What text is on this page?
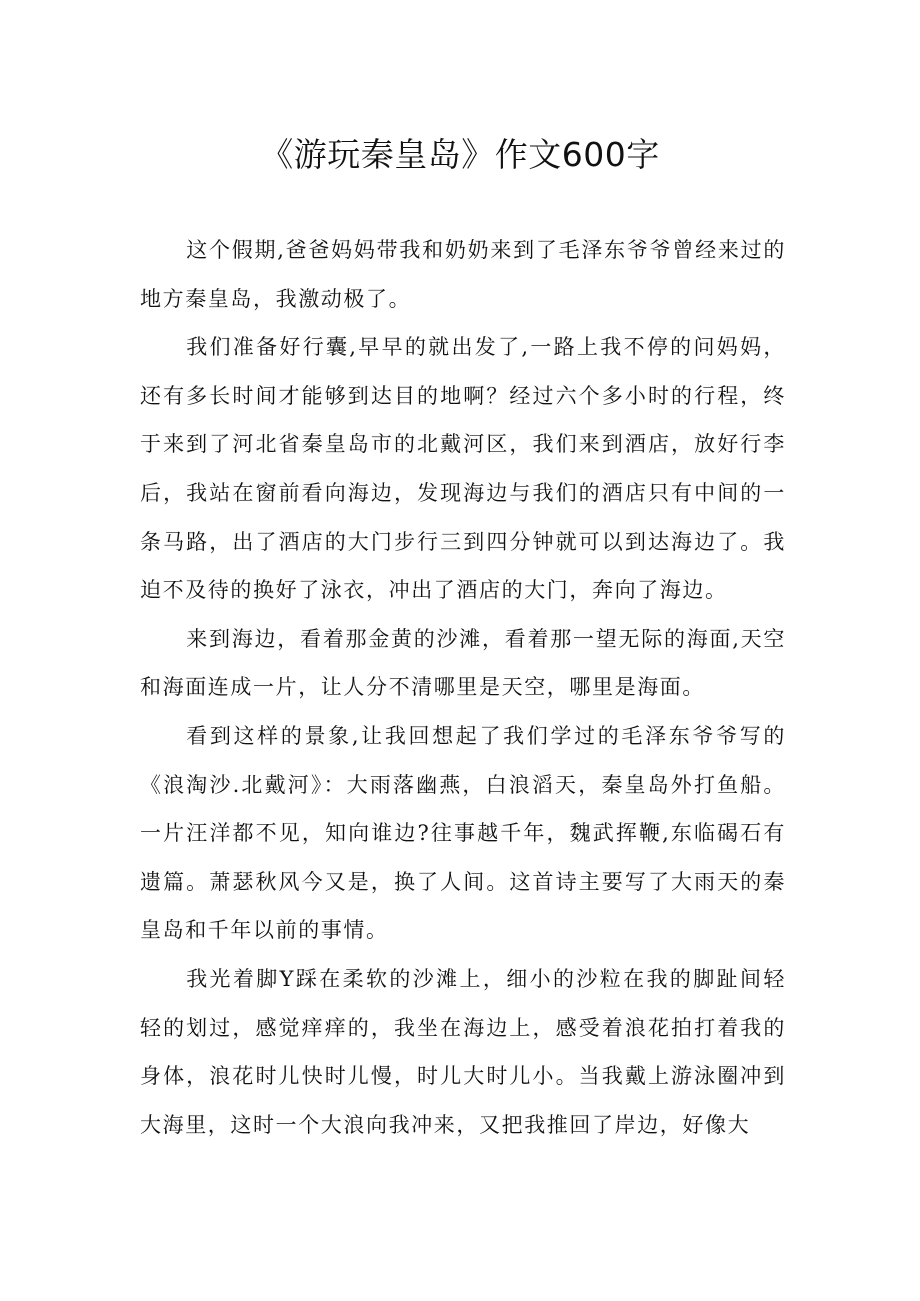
《游玩秦皇岛》作文600字

这个假期,爸爸妈妈带我和奶奶来到了毛泽东爷爷曾经来过的地方秦皇岛，我激动极了。

我们准备好行囊,早早的就出发了,一路上我不停的问妈妈，还有多长时间才能够到达目的地啊？经过六个多小时的行程，终于来到了河北省秦皇岛市的北戴河区，我们来到酒店，放好行李后，我站在窗前看向海边，发现海边与我们的酒店只有中间的一条马路，出了酒店的大门步行三到四分钟就可以到达海边了。我迫不及待的换好了泳衣，冲出了酒店的大门，奔向了海边。

来到海边，看着那金黄的沙滩，看着那一望无际的海面,天空和海面连成一片，让人分不清哪里是天空，哪里是海面。

看到这样的景象,让我回想起了我们学过的毛泽东爷爷写的《浪淘沙.北戴河》：大雨落幽燕，白浪滔天，秦皇岛外打鱼船。一片汪洋都不见，知向谁边?往事越千年，魏武挥鞭,东临碣石有遗篇。萧瑟秋风今又是，换了人间。这首诗主要写了大雨天的秦皇岛和千年以前的事情。

我光着脚Y踩在柔软的沙滩上，细小的沙粒在我的脚趾间轻轻的划过，感觉痒痒的，我坐在海边上，感受着浪花拍打着我的身体，浪花时儿快时儿慢，时儿大时儿小。当我戴上游泳圈冲到大海里，这时一个大浪向我冲来，又把我推回了岸边，好像大
